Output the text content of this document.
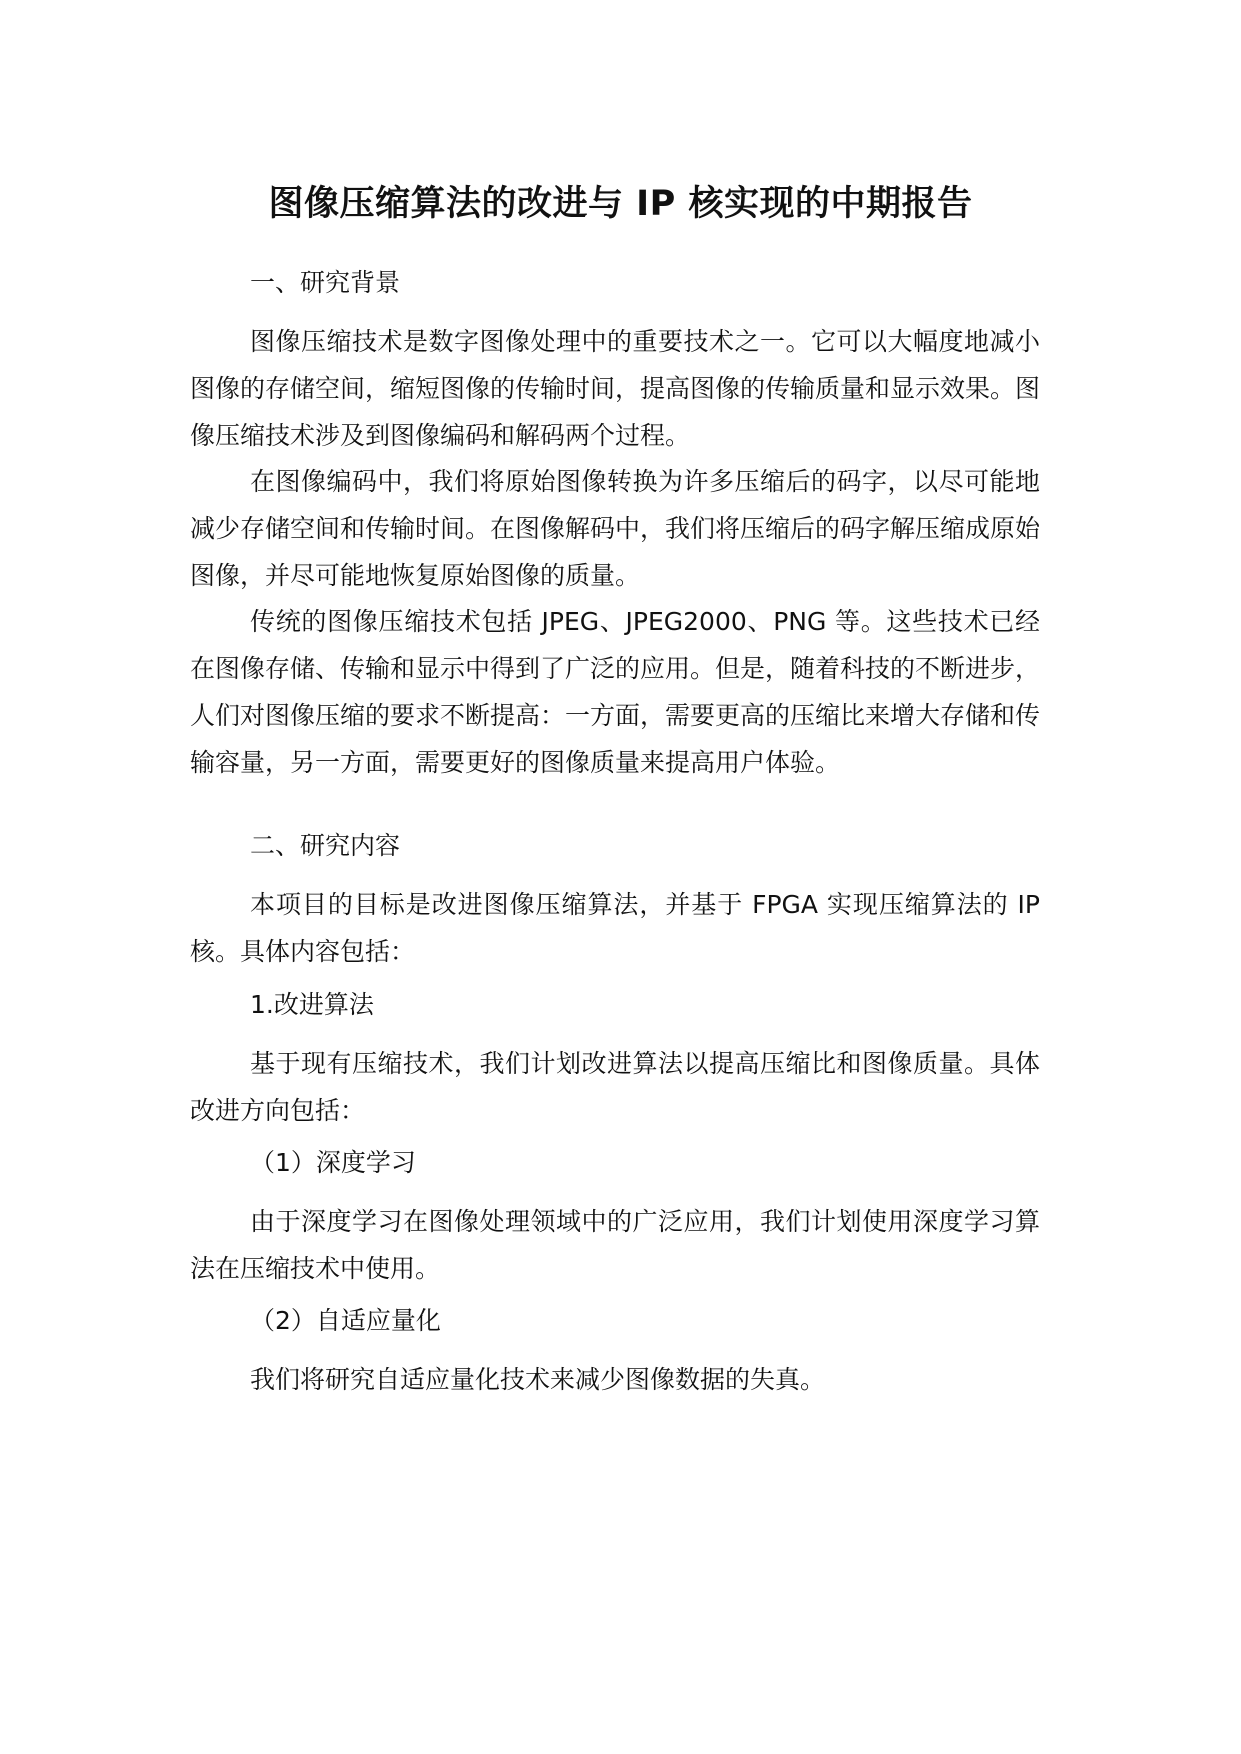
图像压缩算法的改进与 IP 核实现的中期报告

一、研究背景

图像压缩技术是数字图像处理中的重要技术之一。它可以大幅度地减小图像的存储空间，缩短图像的传输时间，提高图像的传输质量和显示效果。图像压缩技术涉及到图像编码和解码两个过程。

在图像编码中，我们将原始图像转换为许多压缩后的码字，以尽可能地减少存储空间和传输时间。在图像解码中，我们将压缩后的码字解压缩成原始图像，并尽可能地恢复原始图像的质量。

传统的图像压缩技术包括 JPEG、JPEG2000、PNG 等。这些技术已经在图像存储、传输和显示中得到了广泛的应用。但是，随着科技的不断进步，人们对图像压缩的要求不断提高：一方面，需要更高的压缩比来增大存储和传输容量，另一方面，需要更好的图像质量来提高用户体验。

二、研究内容

本项目的目标是改进图像压缩算法，并基于 FPGA 实现压缩算法的 IP 核。具体内容包括：

1.改进算法

基于现有压缩技术，我们计划改进算法以提高压缩比和图像质量。具体改进方向包括：

（1）深度学习

由于深度学习在图像处理领域中的广泛应用，我们计划使用深度学习算法在压缩技术中使用。

（2）自适应量化

我们将研究自适应量化技术来减少图像数据的失真。
